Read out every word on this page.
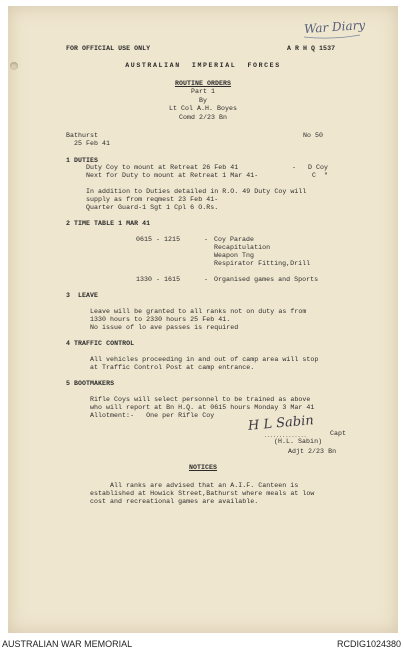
War Diary
FOR OFFICIAL USE ONLY	A R H Q 1537
AUSTRALIAN  IMPERIAL  FORCES
ROUTINE ORDERS
Part 1
By
Lt Col A.H. Boyes
Comd 2/23 Bn
Bathurst
25 Feb 41
No 50
1 DUTIES
Duty Coy to mount at Retreat 26 Feb 41	-   D Coy
Next for Duty to mount at Retreat 1 Mar 41-	C  "
In addition to Duties detailed in R.O. 49 Duty Coy will
supply as from reqmest 23 Feb 41-
Quarter Guard-1 Sgt 1 Cpl 6 O.Rs.
2 TIME TABLE 1 MAR 41
0615 - 1215	- Coy Parade
Recapitulation
Weapon Tng
Respirator Fitting,Drill
1330 - 1615	- Organised games and Sports
3  LEAVE
Leave will be granted to all ranks not on duty as from
1330 hours to 2330 hours 25 Feb 41.
No issue of lo ave passes is required
4 TRAFFIC CONTROL
All vehicles proceeding in and out of camp area will stop
at Traffic Control Post at camp entrance.
5 BOOTMAKERS
Rifle Coys will select personnel to be trained as above
who will report at Bn H.Q. at 0615 hours Monday 3 Mar 41
Allotment:-   One per Rifle Coy	H L Sabin
..............	Capt
(H.L. Sabin)
Adjt 2/23 Bn
NOTICES
All ranks are advised that an A.I.F. Canteen is
established at Howick Street,Bathurst where meals at low
cost and recreational games are available.
AUSTRALIAN WAR MEMORIAL	RCDIG1024380
